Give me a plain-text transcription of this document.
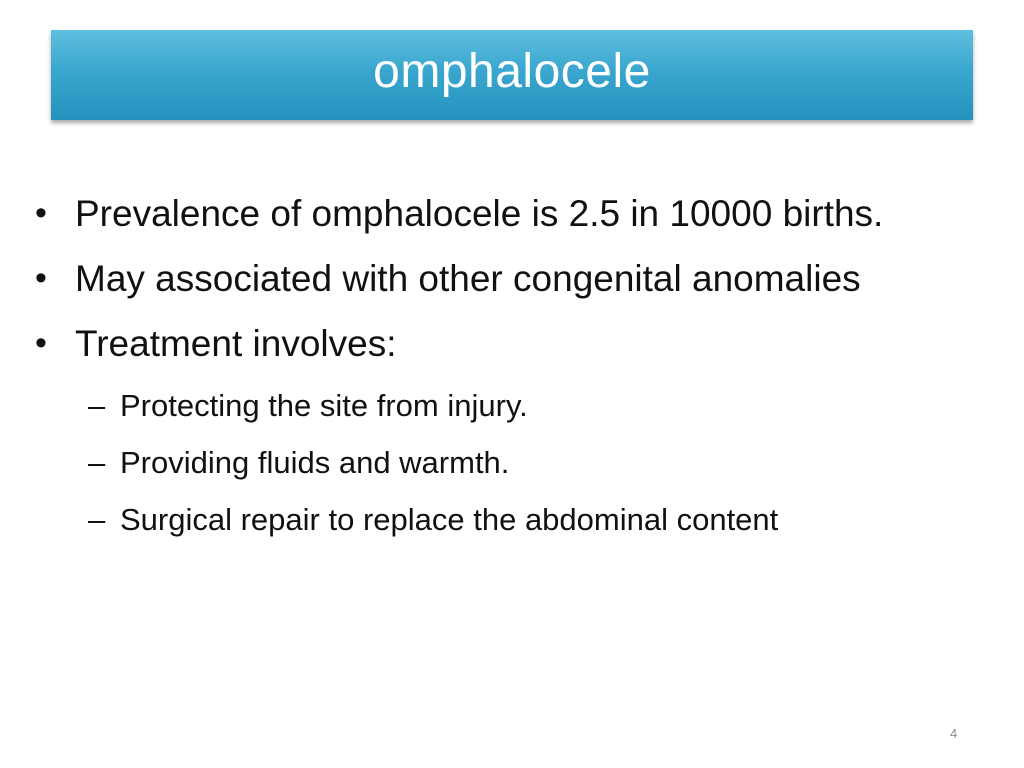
omphalocele
• Prevalence of omphalocele is 2.5 in 10000 births.
• May associated with other congenital anomalies
• Treatment involves:
– Protecting the site from injury.
– Providing fluids and warmth.
– Surgical repair to replace the abdominal content
4
